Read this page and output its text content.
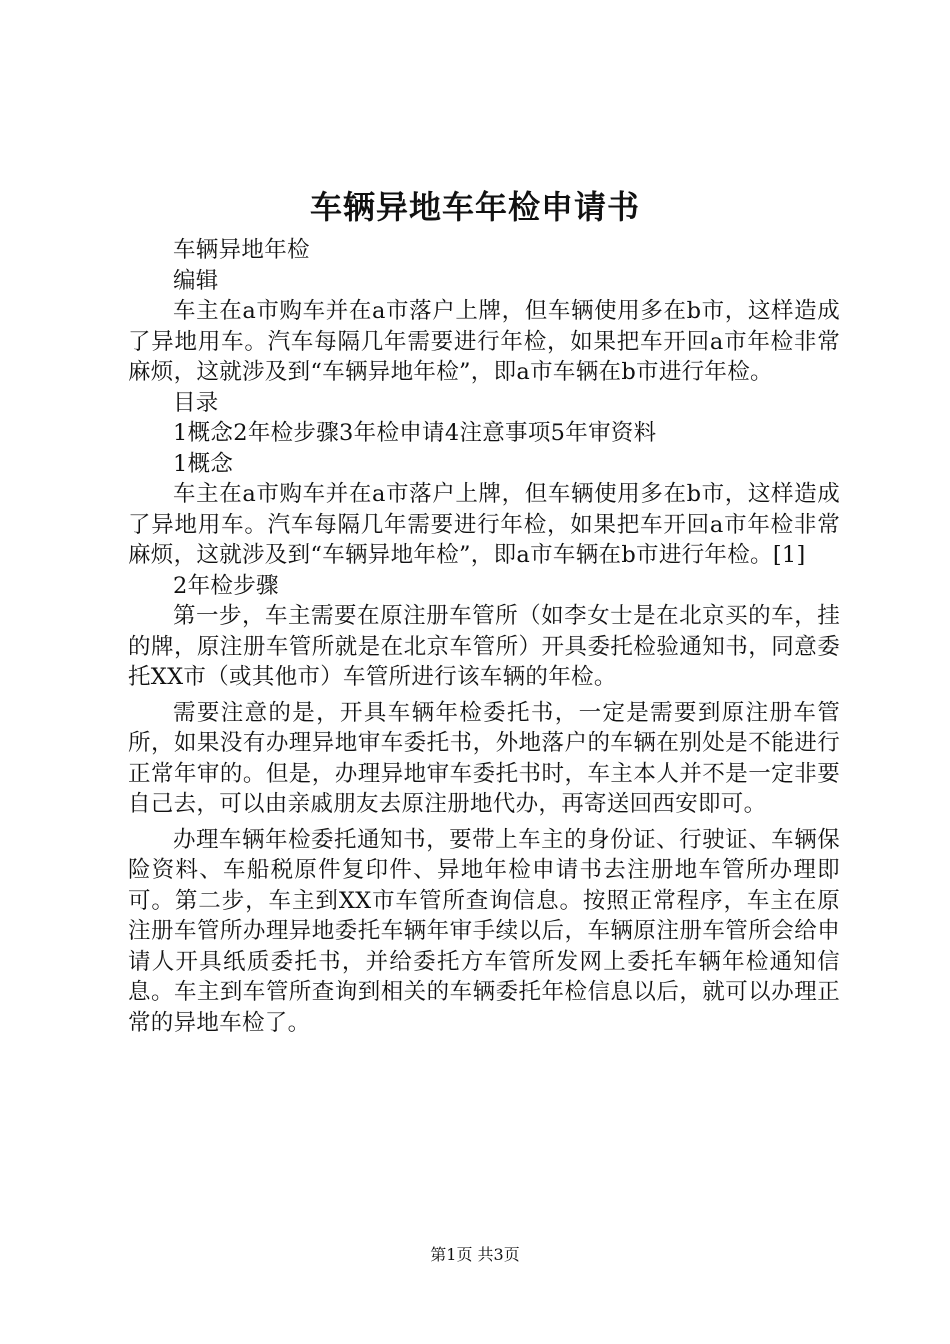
车辆异地车年检申请书

车辆异地年检

编辑

车主在a市购车并在a市落户上牌，但车辆使用多在b市，这样造成了异地用车。汽车每隔几年需要进行年检，如果把车开回a市年检非常麻烦，这就涉及到“车辆异地年检”，即a市车辆在b市进行年检。

目录

1概念2年检步骤3年检申请4注意事项5年审资料

1概念

车主在a市购车并在a市落户上牌，但车辆使用多在b市，这样造成了异地用车。汽车每隔几年需要进行年检，如果把车开回a市年检非常麻烦，这就涉及到“车辆异地年检”，即a市车辆在b市进行年检。[1]

2年检步骤

第一步，车主需要在原注册车管所（如李女士是在北京买的车，挂的牌，原注册车管所就是在北京车管所）开具委托检验通知书，同意委托XX市（或其他市）车管所进行该车辆的年检。

需要注意的是，开具车辆年检委托书，一定是需要到原注册车管所，如果没有办理异地审车委托书，外地落户的车辆在别处是不能进行正常年审的。但是，办理异地审车委托书时，车主本人并不是一定非要自己去，可以由亲戚朋友去原注册地代办，再寄送回西安即可。

办理车辆年检委托通知书，要带上车主的身份证、行驶证、车辆保险资料、车船税原件复印件、异地年检申请书去注册地车管所办理即可。第二步，车主到XX市车管所查询信息。按照正常程序，车主在原注册车管所办理异地委托车辆年审手续以后，车辆原注册车管所会给申请人开具纸质委托书，并给委托方车管所发网上委托车辆年检通知信息。车主到车管所查询到相关的车辆委托年检信息以后，就可以办理正常的异地车检了。

第1页 共3页
